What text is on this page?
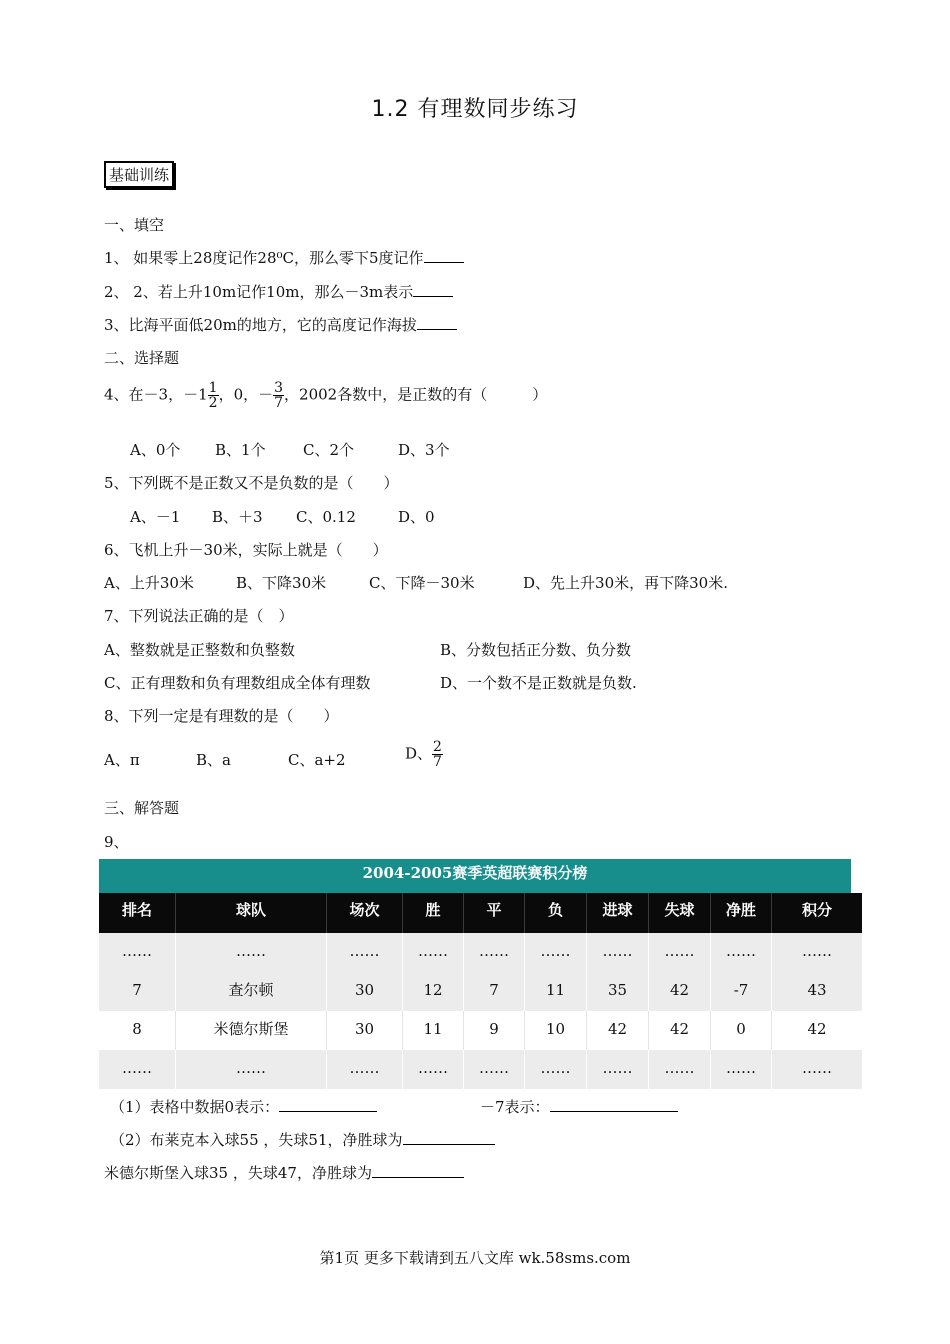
1.2 有理数同步练习
基础训练
一、填空
1、 如果零上28度记作28⁰C，那么零下5度记作
2、 2、若上升10m记作10m，那么－3m表示
3、比海平面低20m的地方，它的高度记作海拔
二、选择题
4、在－3，$-1 \frac{1}{2}$ ，0，－ $\frac{3}{7}$ ，2002各数中，是正数的有（　　　）
A、0个 B、1个 C、2个	D、3个
5、下列既不是正数又不是负数的是（　　）
A、－1 B、＋3 C、0.12	D、0
6、飞机上升－30米，实际上就是（　　）
A、上升30米	B、下降30米	C、下降－30米	D、先上升30米，再下降30米.
7、下列说法正确的是（　）
A、整数就是正整数和负整数	B、分数包括正分数、负分数
C、正有理数和负有理数组成全体有理数	D、一个数不是正数就是负数.
8、下列一定是有理数的是（　　）
A、π	B、a	C、a+2	D、 $\frac{2}{7}$
三、解答题
9、
2004-2005赛季英超联赛积分榜
排名	球队	场次	胜	平	负	进球	失球	净胜	积分
……	……	……	……	……	……	……	……	……	……
7	查尔顿	30	12	7	11	35	42	-7	43
8	米德尔斯堡	30	11	9	10	42	42	0	42
……	……	……	……	……	……	……	……	……	……
（1）表格中数据0表示：	－7表示：
（2）布莱克本入球55 ，失球51，净胜球为
米德尔斯堡入球35 ，失球47，净胜球为
第1页 更多下载请到五八文库 wk.58sms.com
